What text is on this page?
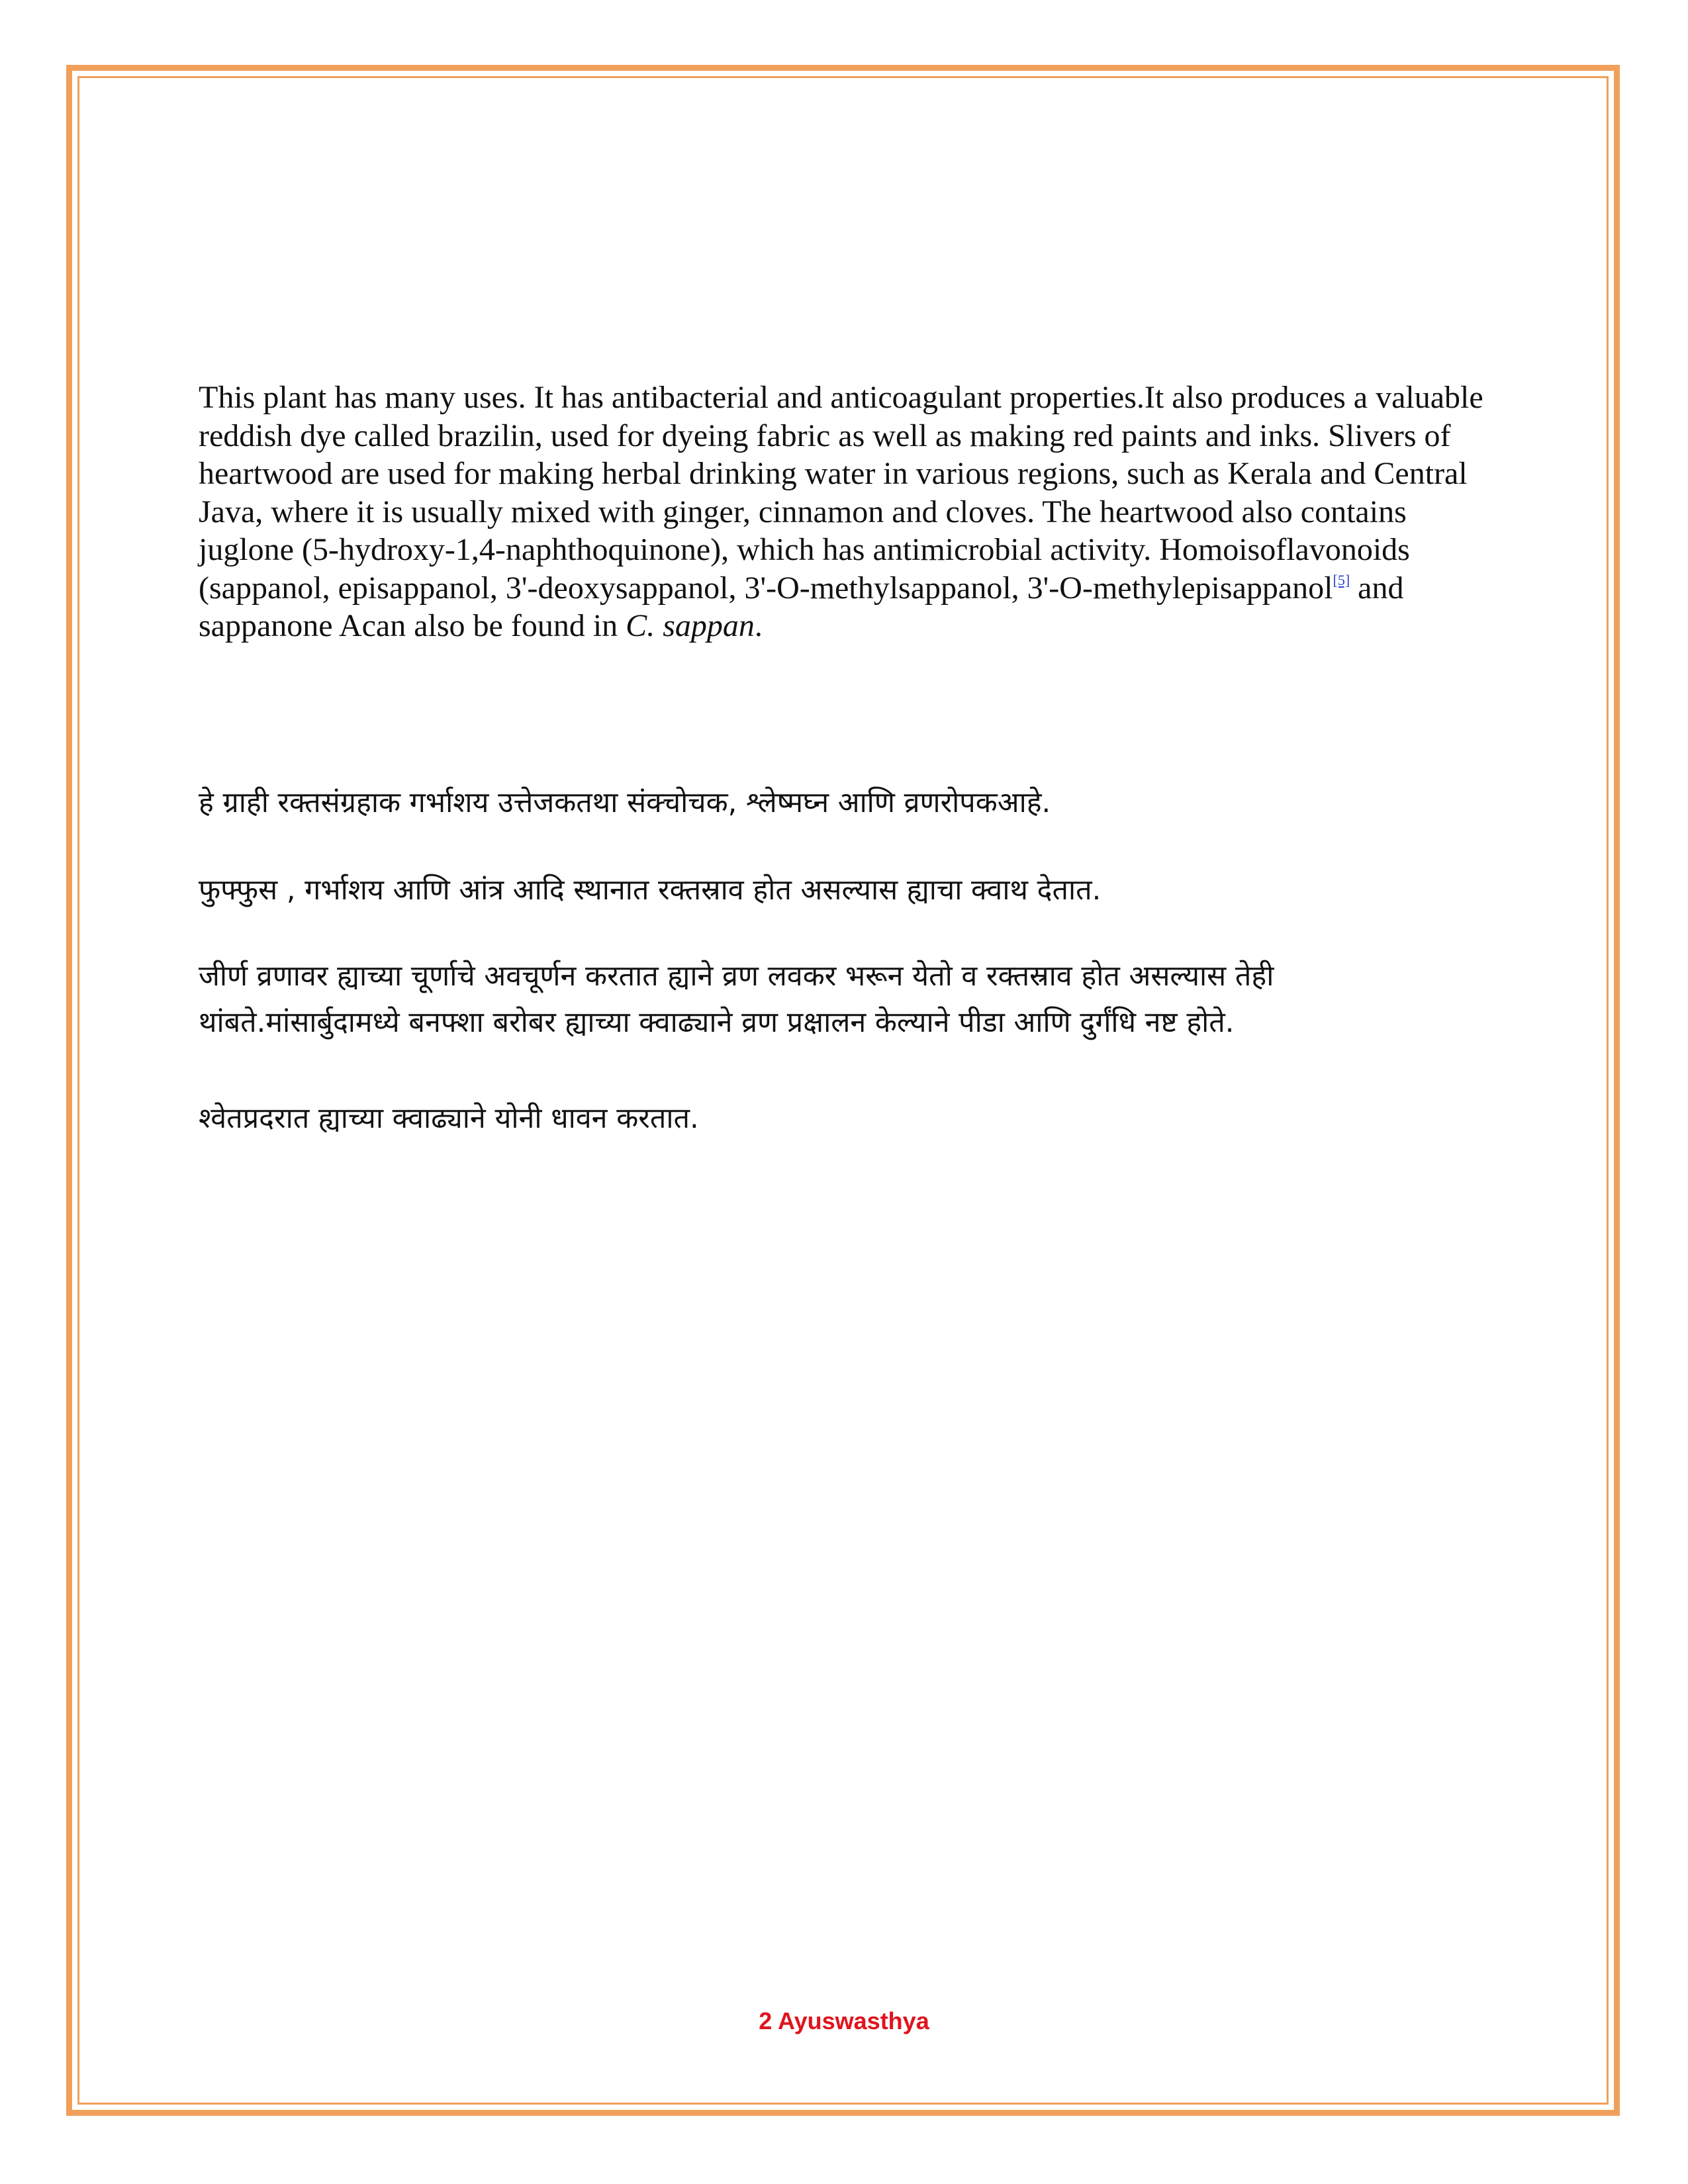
This plant has many uses. It has antibacterial and anticoagulant properties.It also produces a valuable reddish dye called brazilin, used for dyeing fabric as well as making red paints and inks. Slivers of heartwood are used for making herbal drinking water in various regions, such as Kerala and Central Java, where it is usually mixed with ginger, cinnamon and cloves. The heartwood also contains juglone (5-hydroxy-1,4-naphthoquinone), which has antimicrobial activity. Homoisoflavonoids (sappanol, episappanol, 3'-deoxysappanol, 3'-O-methylsappanol, 3'-O-methylepisappanol[5] and sappanone Acan also be found in C. sappan.

हे ग्राही रक्तसंग्रहाक गर्भाशय उत्तेजकतथा संक्चोचक, श्लेष्मघ्न आणि व्रणरोपकआहे.

फुफ्फुस , गर्भाशय आणि आंत्र आदि स्थानात रक्तस्राव होत असल्यास ह्याचा क्वाथ देतात.

जीर्ण व्रणावर ह्याच्या चूर्णाचे अवचूर्णन करतात ह्याने व्रण लवकर भरून येतो व रक्तस्राव होत असल्यास तेही
थांबते.मांसार्बुदामध्ये बनफ्शा बरोबर ह्याच्या क्वाढ्याने व्रण प्रक्षालन केल्याने पीडा आणि दुर्गंधि नष्ट होते.

श्वेतप्रदरात ह्याच्या क्वाढ्याने योनी धावन करतात.

2 Ayuswasthya
